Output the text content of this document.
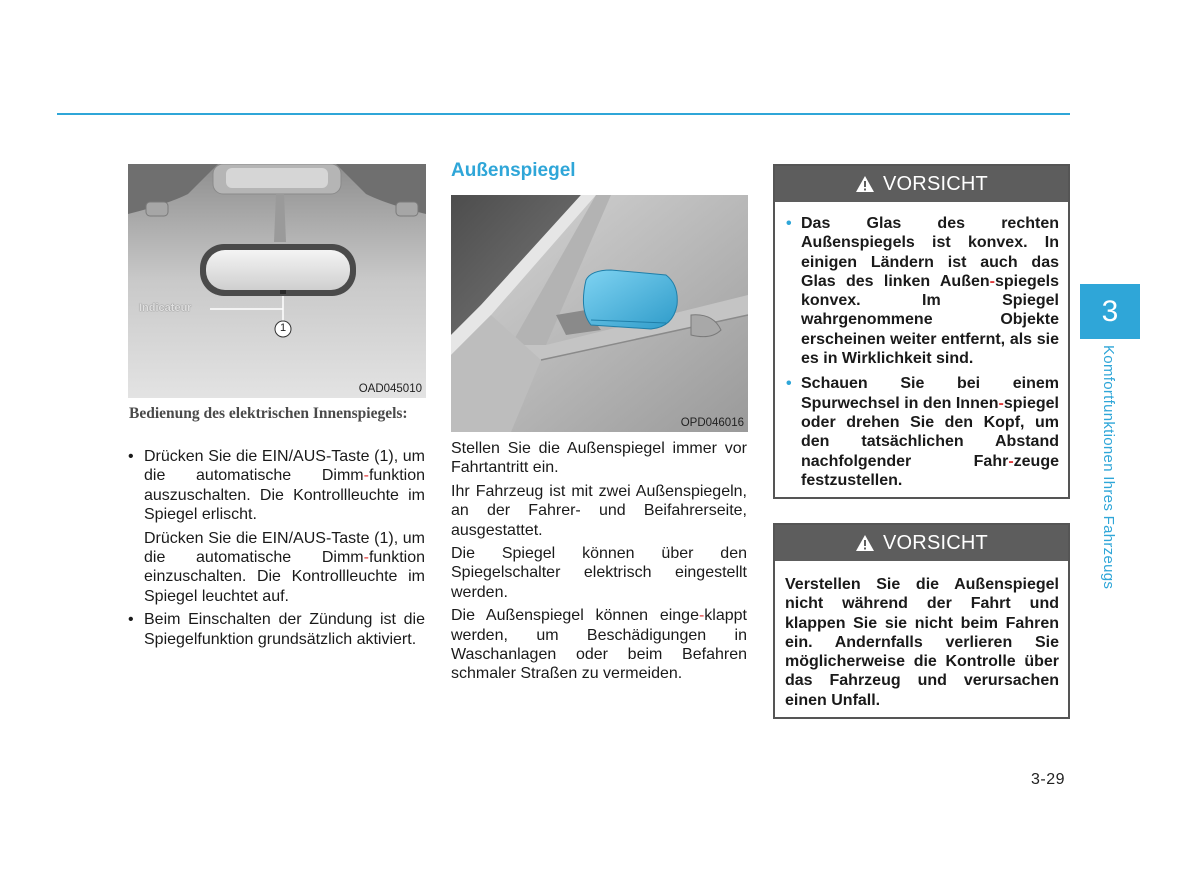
Indicateur
1
OAD045010
Bedienung des elektrischen Innenspiegels:
• Drücken Sie die EIN/AUS-Taste (1), um die automatische Dimm-funktion auszuschalten. Die Kontrollleuchte im Spiegel erlischt.
Drücken Sie die EIN/AUS-Taste (1), um die automatische Dimm-funktion einzuschalten. Die Kontrollleuchte im Spiegel leuchtet auf.
• Beim Einschalten der Zündung ist die Spiegelfunktion grundsätzlich aktiviert.
Außenspiegel
OPD046016

Stellen Sie die Außenspiegel immer vor Fahrtantritt ein.

Ihr Fahrzeug ist mit zwei Außenspiegeln, an der Fahrer- und Beifahrerseite, ausgestattet.

Die Spiegel können über den Spiegelschalter elektrisch eingestellt werden.

Die Außenspiegel können einge-klappt werden, um Beschädigungen in Waschanlagen oder beim Befahren schmaler Straßen zu vermeiden.

VORSICHT
• Das Glas des rechten Außenspiegels ist konvex. In einigen Ländern ist auch das Glas des linken Außen-spiegels konvex. Im Spiegel wahrgenommene Objekte erscheinen weiter entfernt, als sie es in Wirklichkeit sind.
• Schauen Sie bei einem Spurwechsel in den Innen-spiegel oder drehen Sie den Kopf, um den tatsächlichen Abstand nachfolgender Fahr-zeuge festzustellen.
VORSICHT

Verstellen Sie die Außenspiegel nicht während der Fahrt und klappen Sie sie nicht beim Fahren ein. Andernfalls verlieren Sie möglicherweise die Kontrolle über das Fahrzeug und verursachen einen Unfall.

3
Komfortfunktionen Ihres Fahrzeugs
3-29
